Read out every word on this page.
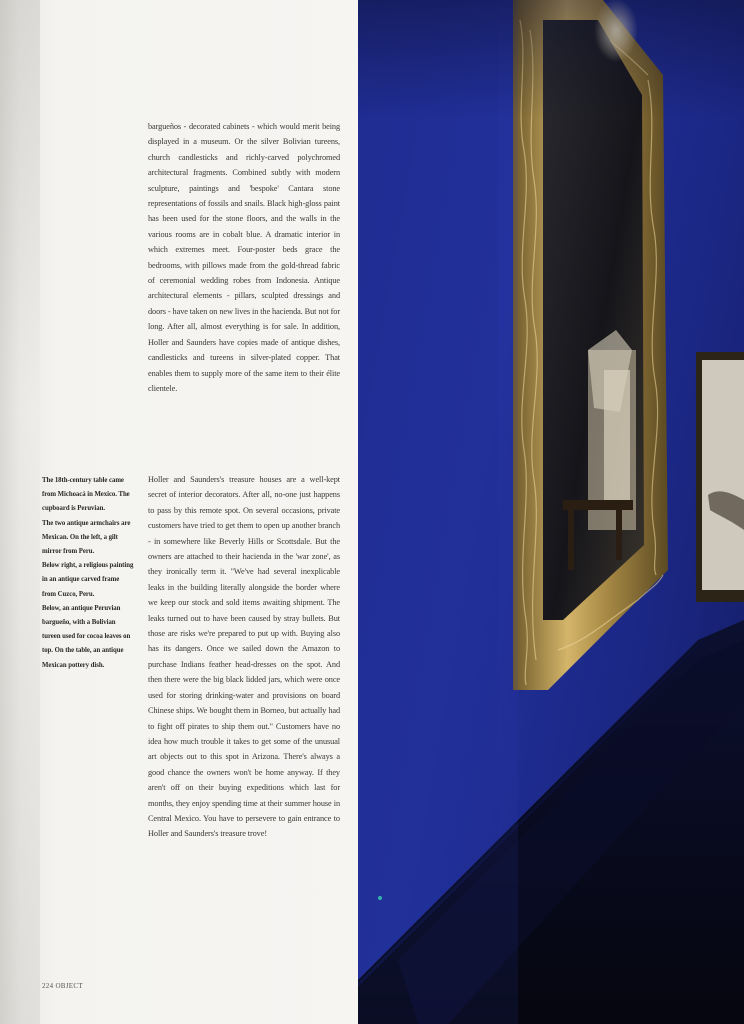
bargueños - decorated cabinets - which would merit being displayed in a museum. Or the silver Bolivian tureens, church candlesticks and richly-carved polychromed architectural fragments. Combined subtly with modern sculpture, paintings and 'bespoke' Cantara stone representations of fossils and snails. Black high-gloss paint has been used for the stone floors, and the walls in the various rooms are in cobalt blue. A dramatic interior in which extremes meet. Four-poster beds grace the bedrooms, with pillows made from the gold-thread fabric of ceremonial wedding robes from Indonesia. Antique architectural elements - pillars, sculpted dressings and doors - have taken on new lives in the hacienda. But not for long. After all, almost everything is for sale. In addition, Holler and Saunders have copies made of antique dishes, candlesticks and tureens in silver-plated copper. That enables them to supply more of the same item to their élite clientele.

The 18th-century table came from Michoacá in Mexico. The cupboard is Peruvian.

The two antique armchairs are Mexican. On the left, a gilt mirror from Peru.

Below right, a religious painting in an antique carved frame from Cuzco, Peru.

Below, an antique Peruvian bargueño, with a Bolivian tureen used for cocoa leaves on top. On the table, an antique Mexican pottery dish.

Holler and Saunders's treasure houses are a well-kept secret of interior decorators. After all, no-one just happens to pass by this remote spot. On several occasions, private customers have tried to get them to open up another branch - in somewhere like Beverly Hills or Scottsdale. But the owners are attached to their hacienda in the 'war zone', as they ironically term it. "We've had several inexplicable leaks in the building literally alongside the border where we keep our stock and sold items awaiting shipment. The leaks turned out to have been caused by stray bullets. But those are risks we're prepared to put up with. Buying also has its dangers. Once we sailed down the Amazon to purchase Indians feather head-dresses on the spot. And then there were the big black lidded jars, which were once used for storing drinking-water and provisions on board Chinese ships. We bought them in Borneo, but actually had to fight off pirates to ship them out." Customers have no idea how much trouble it takes to get some of the unusual art objects out to this spot in Arizona. There's always a good chance the owners won't be home anyway. If they aren't off on their buying expeditions which last for months, they enjoy spending time at their summer house in Central Mexico. You have to persevere to gain entrance to Holler and Saunders's treasure trove!

224 OBJECT
